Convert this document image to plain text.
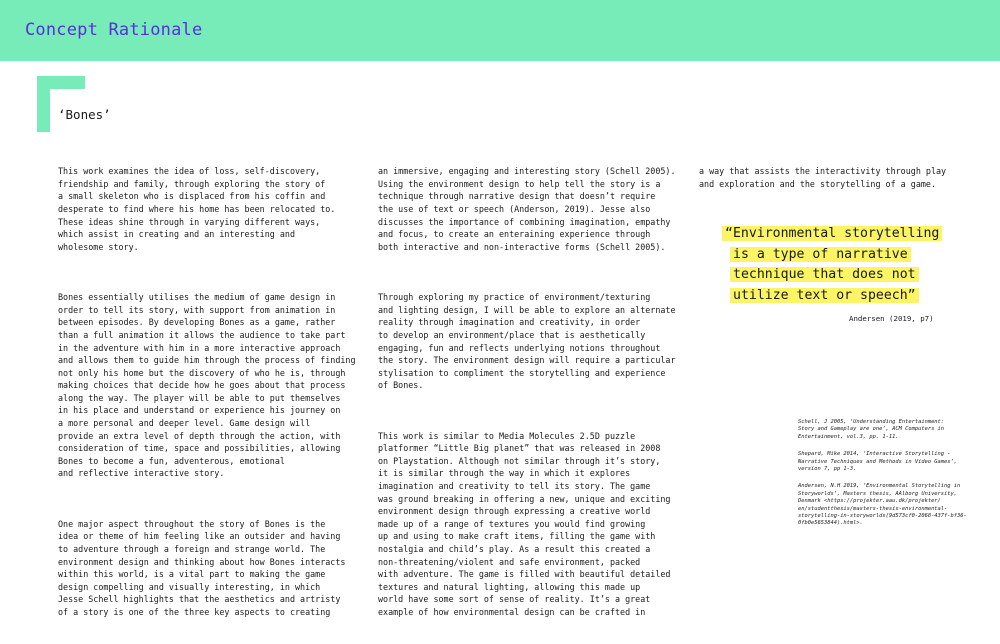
Concept Rationale
‘Bones’

This work examines the idea of loss, self-discovery,
friendship and family, through exploring the story of
a small skeleton who is displaced from his coffin and
desperate to find where his home has been relocated to.
These ideas shine through in varying different ways,
which assist in creating and an interesting and
wholesome story.

Bones essentially utilises the medium of game design in
order to tell its story, with support from animation in
between episodes. By developing Bones as a game, rather
than a full animation it allows the audience to take part
in the adventure with him in a more interactive approach
and allows them to guide him through the process of finding
not only his home but the discovery of who he is, through
making choices that decide how he goes about that process
along the way. The player will be able to put themselves
in his place and understand or experience his journey on
a more personal and deeper level. Game design will
provide an extra level of depth through the action, with
consideration of time, space and possibilities, allowing
Bones to become a fun, adventerous, emotional
and reflective interactive story.

One major aspect throughout the story of Bones is the
idea or theme of him feeling like an outsider and having
to adventure through a foreign and strange world. The
environment design and thinking about how Bones interacts
within this world, is a vital part to making the game
design compelling and visually interesting, in which
Jesse Schell highlights that the aesthetics and artristy
of a story is one of the three key aspects to creating

an immersive, engaging and interesting story (Schell 2005).
Using the environment design to help tell the story is a
technique through narrative design that doesn’t require
the use of text or speech (Anderson, 2019). Jesse also
discusses the importance of combining imagination, empathy
and focus, to create an enteraining experience through
both interactive and non-interactive forms (Schell 2005).

Through exploring my practice of environment/texturing
and lighting design, I will be able to explore an alternate
reality through imagination and creativity, in order
to develop an environment/place that is aesthetically
engaging, fun and reflects underlying notions throughout
the story. The environment design will require a particular
stylisation to compliment the storytelling and experience
of Bones.

This work is similar to Media Molecules 2.5D puzzle
platformer “Little Big planet” that was released in 2008
on Playstation. Although not similar through it’s story,
it is similar through the way in which it explores
imagination and creativity to tell its story. The game
was ground breaking in offering a new, unique and exciting
environment design through expressing a creative world
made up of a range of textures you would find growing
up and using to make craft items, filling the game with
nostalgia and child’s play. As a result this created a
non-threatening/violent and safe environment, packed
with adventure. The game is filled with beautiful detailed
textures and natural lighting, allowing this made up
world have some sort of sense of reality. It’s a great
example of how environmental design can be crafted in

a way that assists the interactivity through play
and exploration and the storytelling of a game.

“Environmental storytelling
is a type of narrative
technique that does not
utilize text or speech”
Andersen (2019, p7)

Schell, J 2005, ‘Understanding Entertainment:
Story and Gameplay are one’, ACM Computers in
Entertainment, vol.3, pp. 1-11.

Shepard, Mike 2014, ‘Interactive Storytelling -
Narrative Techniques and Methods in Video Games’,
version 7, pp 1-3.

Andersen, N.H 2019, ‘Environmental Storytelling in
Storyworlds’, Masters thesis, AAlborg University,
Denmark <https://projekter.aau.dk/projekter/
en/studentthesis/masters-thesis-environmental-
storytelling-in-storyworlds(9d573cf0-2068-437f-bf36-
0fb0e5653844).html>.
